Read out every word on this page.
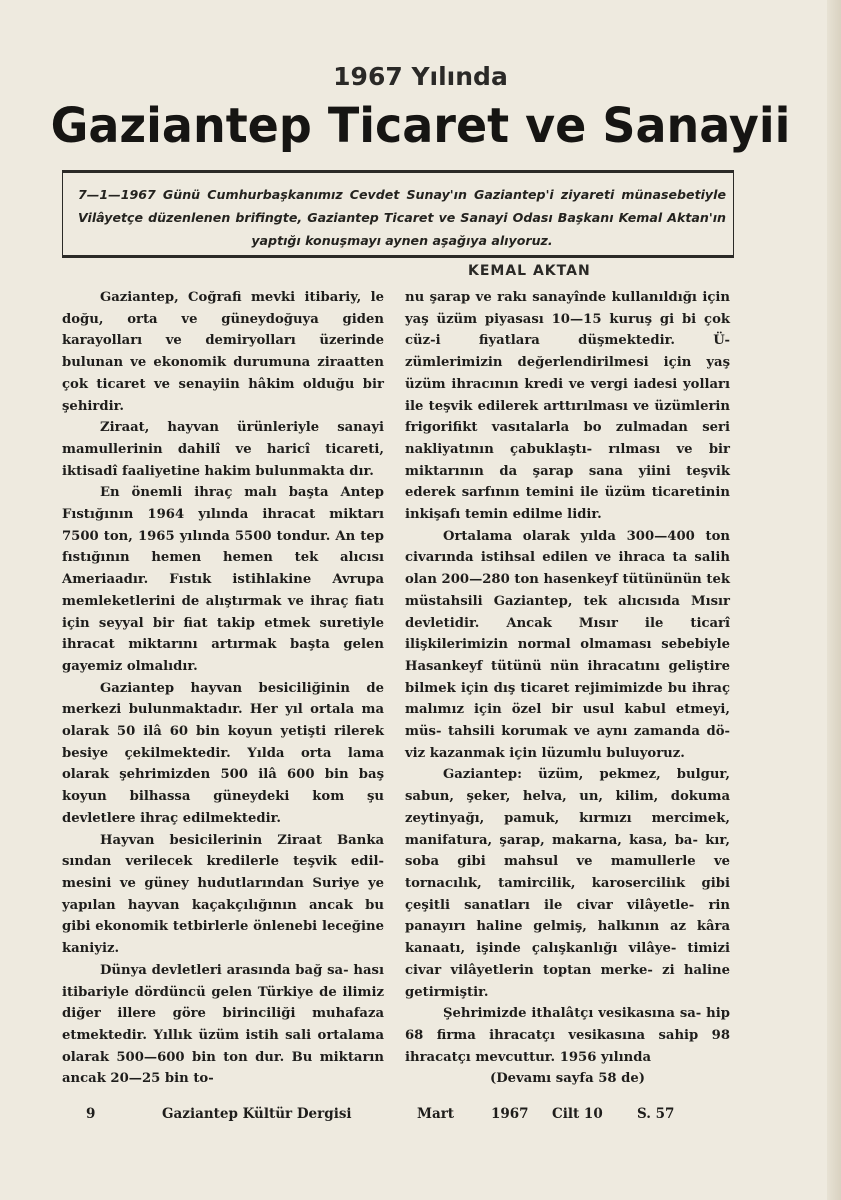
1967 Yılında
Gaziantep Ticaret ve Sanayii
7—1—1967 Günü Cumhurbaşkanımız Cevdet Sunay'ın Gaziantep'i ziyareti münasebetiyle Vilâyetçe düzenlenen brifingte, Gaziantep Ticaret ve Sanayi Odası Başkanı Kemal Aktan'ın yaptığı konuşmayı aynen aşağıya alıyoruz.
KEMAL AKTAN

Gaziantep, Coğrafi mevki itibariy, le doğu, orta ve güneydoğuya giden karayolları ve demiryolları üzerinde bulunan ve ekonomik durumuna ziraatten çok ticaret ve senayiin hâkim olduğu bir şehirdir.

Ziraat, hayvan ürünleriyle sanayi mamullerinin dahilî ve haricî ticareti, iktisadî faaliyetine hakim bulunmakta dır.

En önemli ihraç malı başta Antep Fıstığının 1964 yılında ihracat miktarı 7500 ton, 1965 yılında 5500 tondur. An tep fıstığının hemen hemen tek alıcısı Ameriaadır. Fıstık istihlakine Avrupa memleketlerini de alıştırmak ve ihraç fiatı için seyyal bir fiat takip etmek suretiyle ihracat miktarını artırmak başta gelen gayemiz olmalıdır.

Gaziantep hayvan besiciliğinin de merkezi bulunmaktadır. Her yıl ortala ma olarak 50 ilâ 60 bin koyun yetişti rilerek besiye çekilmektedir. Yılda orta lama olarak şehrimizden 500 ilâ 600 bin baş koyun bilhassa güneydeki kom şu devletlere ihraç edilmektedir.

Hayvan besicilerinin Ziraat Banka sından verilecek kredilerle teşvik edil- mesini ve güney hudutlarından Suriye ye yapılan hayvan kaçakçılığının ancak bu gibi ekonomik tetbirlerle önlenebi leceğine kaniyiz.

Dünya devletleri arasında bağ sa- hası itibariyle dördüncü gelen Türkiye de ilimiz diğer illere göre birinciliği muhafaza etmektedir. Yıllık üzüm istih sali ortalama olarak 500—600 bin ton dur. Bu miktarın ancak 20—25 bin to-

nu şarap ve rakı sanayînde kullanıldığı için yaş üzüm piyasası 10—15 kuruş gi bi çok cüz-i fiyatlara düşmektedir. Ü- zümlerimizin değerlendirilmesi için yaş üzüm ihracının kredi ve vergi iadesi yolları ile teşvik edilerek arttırılması ve üzümlerin frigorifikt vasıtalarla bo zulmadan seri nakliyatının çabuklaştı- rılması ve bir miktarının da şarap sana yiini teşvik ederek sarfının temini ile üzüm ticaretinin inkişafı temin edilme lidir.

Ortalama olarak yılda 300—400 ton civarında istihsal edilen ve ihraca ta salih olan 200—280 ton hasenkeyf tütününün tek müstahsili Gaziantep, tek alıcısıda Mısır devletidir. Ancak Mısır ile ticarî ilişkilerimizin normal olmaması sebebiyle Hasankeyf tütünü nün ihracatını geliştire bilmek için dış ticaret rejimimizde bu ihraç malımız için özel bir usul kabul etmeyi, müs- tahsili korumak ve aynı zamanda dö- viz kazanmak için lüzumlu buluyoruz.

Gaziantep: üzüm, pekmez, bulgur, sabun, şeker, helva, un, kilim, dokuma zeytinyağı, pamuk, kırmızı mercimek, manifatura, şarap, makarna, kasa, ba- kır, soba gibi mahsul ve mamullerle ve tornacılık, tamircilik, karoserciliık gibi çeşitli sanatları ile civar vilâyetle- rin panayırı haline gelmiş, halkının az kâra kanaatı, işinde çalışkanlığı vilâye- timizi civar vilâyetlerin toptan merke- zi haline getirmiştir.

Şehrimizde ithalâtçı vesikasına sa- hip 68 firma ihracatçı vesikasına sahip 98 ihracatçı mevcuttur. 1956 yılında

(Devamı sayfa 58 de)

9	Gaziantep Kültür Dergisi	Mart	1967 Cilt 10	S. 57
